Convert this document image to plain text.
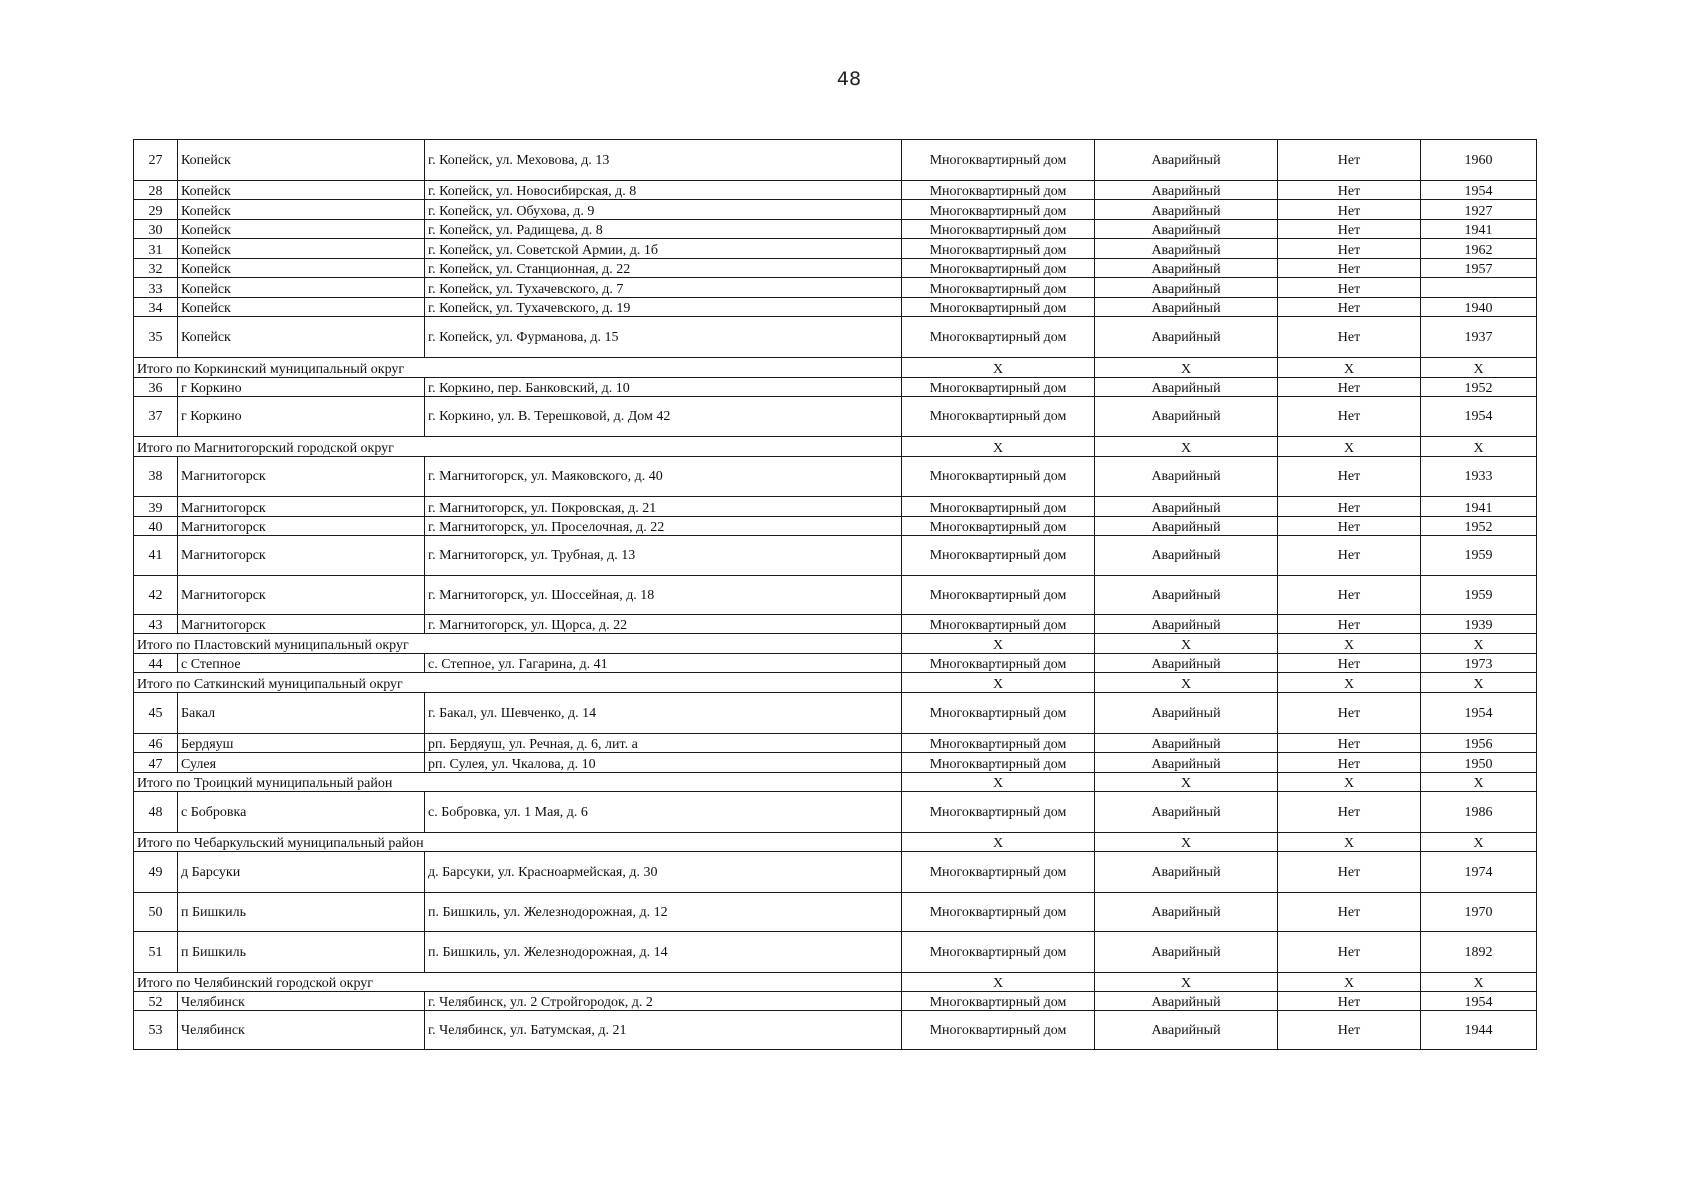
48
27	Копейск	г. Копейск, ул. Меховова, д. 13	Многоквартирный дом	Аварийный	Нет	1960
28	Копейск	г. Копейск, ул. Новосибирская, д. 8	Многоквартирный дом	Аварийный	Нет	1954
29	Копейск	г. Копейск, ул. Обухова, д. 9	Многоквартирный дом	Аварийный	Нет	1927
30	Копейск	г. Копейск, ул. Радищева, д. 8	Многоквартирный дом	Аварийный	Нет	1941
31	Копейск	г. Копейск, ул. Советской Армии, д. 1б	Многоквартирный дом	Аварийный	Нет	1962
32	Копейск	г. Копейск, ул. Станционная, д. 22	Многоквартирный дом	Аварийный	Нет	1957
33	Копейск	г. Копейск, ул. Тухачевского, д. 7	Многоквартирный дом	Аварийный	Нет	
34	Копейск	г. Копейск, ул. Тухачевского, д. 19	Многоквартирный дом	Аварийный	Нет	1940
35	Копейск	г. Копейск, ул. Фурманова, д. 15	Многоквартирный дом	Аварийный	Нет	1937
Итого по Коркинский муниципальный округ			X	X	X	X
36	г Коркино	г. Коркино, пер. Банковский, д. 10	Многоквартирный дом	Аварийный	Нет	1952
37	г Коркино	г. Коркино, ул. В. Терешковой, д. Дом 42	Многоквартирный дом	Аварийный	Нет	1954
Итого по Магнитогорский городской округ			X	X	X	X
38	Магнитогорск	г. Магнитогорск, ул. Маяковского, д. 40	Многоквартирный дом	Аварийный	Нет	1933
39	Магнитогорск	г. Магнитогорск, ул. Покровская, д. 21	Многоквартирный дом	Аварийный	Нет	1941
40	Магнитогорск	г. Магнитогорск, ул. Проселочная, д. 22	Многоквартирный дом	Аварийный	Нет	1952
41	Магнитогорск	г. Магнитогорск, ул. Трубная, д. 13	Многоквартирный дом	Аварийный	Нет	1959
42	Магнитогорск	г. Магнитогорск, ул. Шоссейная, д. 18	Многоквартирный дом	Аварийный	Нет	1959
43	Магнитогорск	г. Магнитогорск, ул. Щорса, д. 22	Многоквартирный дом	Аварийный	Нет	1939
Итого по Пластовский муниципальный округ			X	X	X	X
44	с Степное	с. Степное, ул. Гагарина, д. 41	Многоквартирный дом	Аварийный	Нет	1973
Итого по Саткинский муниципальный округ			X	X	X	X
45	Бакал	г. Бакал, ул. Шевченко, д. 14	Многоквартирный дом	Аварийный	Нет	1954
46	Бердяуш	рп. Бердяуш, ул. Речная, д. 6, лит. а	Многоквартирный дом	Аварийный	Нет	1956
47	Сулея	рп. Сулея, ул. Чкалова, д. 10	Многоквартирный дом	Аварийный	Нет	1950
Итого по Троицкий муниципальный район			X	X	X	X
48	с Бобровка	с. Бобровка, ул. 1 Мая, д. 6	Многоквартирный дом	Аварийный	Нет	1986
Итого по Чебаркульский муниципальный район			X	X	X	X
49	д Барсуки	д. Барсуки, ул. Красноармейская, д. 30	Многоквартирный дом	Аварийный	Нет	1974
50	п Бишкиль	п. Бишкиль, ул. Железнодорожная, д. 12	Многоквартирный дом	Аварийный	Нет	1970
51	п Бишкиль	п. Бишкиль, ул. Железнодорожная, д. 14	Многоквартирный дом	Аварийный	Нет	1892
Итого по Челябинский городской округ			X	X	X	X
52	Челябинск	г. Челябинск, ул. 2 Стройгородок, д. 2	Многоквартирный дом	Аварийный	Нет	1954
53	Челябинск	г. Челябинск, ул. Батумская, д. 21	Многоквартирный дом	Аварийный	Нет	1944
